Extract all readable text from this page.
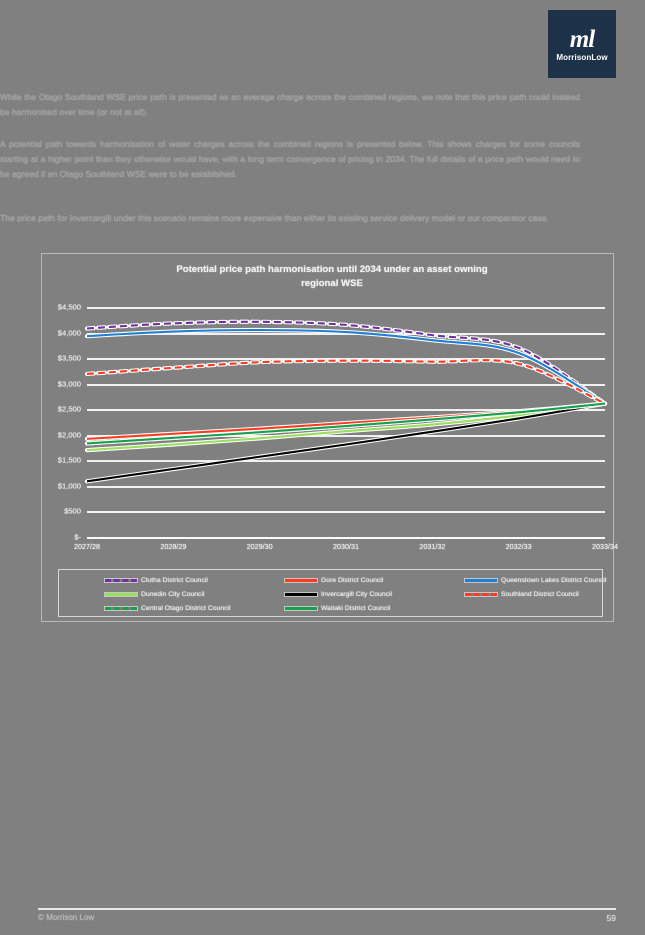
ml
MorrisonLow

While the Otago Southland WSE price path is presented as an average charge across the combined regions, we note that this price path could instead be harmonised over time (or not at all).

A potential path towards harmonisation of water charges across the combined regions is presented below. This shows charges for some councils starting at a higher point than they otherwise would have, with a long term convergence of pricing in 2034. The full details of a price path would need to be agreed if an Otago Southland WSE were to be established.

The price path for Invercargill under this scenario remains more expensive than either its existing service delivery model or our comparator case.

Potential price path harmonisation until 2034 under an asset owning
regional WSE
$4,500
$4,000
$3,500
$3,000
$2,500
$2,000
$1,500
$1,000
$500
$-
2027/28	2028/29	2029/30	2030/31	2031/32	2032/33	2033/34
Clutha District Council
Dunedin City Council
Central Otago District Council
Gore District Council
Invercargill City Council
Waitaki District Council
Queenstown Lakes District Council
Southland District Council
© Morrison Low	59
